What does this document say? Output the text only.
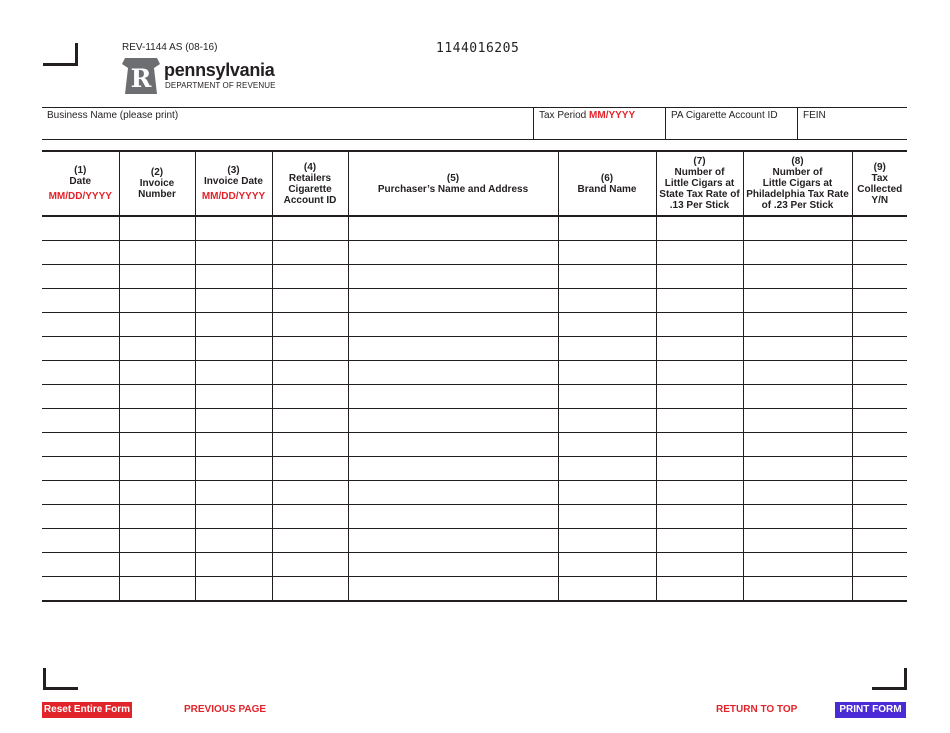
REV-1144 AS (08-16)	1144016205
R pennsylvania
DEPARTMENT OF REVENUE
Business Name (please print)	Tax Period MM/YYYY	PA Cigarette Account ID	FEIN
(1)
Date
MM/DD/YYYY	(2)
Invoice
Number	(3)
Invoice Date
MM/DD/YYYY	(4)
Retailers
Cigarette
Account ID	(5)
Purchaser’s Name and Address	(6)
Brand Name	(7)
Number of
Little Cigars at
State Tax Rate of
.13 Per Stick	(8)
Number of
Little Cigars at
Philadelphia Tax Rate
of .23 Per Stick	(9)
Tax
Collected
Y/N

Reset Entire Form	PREVIOUS PAGE	RETURN TO TOP	PRINT FORM
